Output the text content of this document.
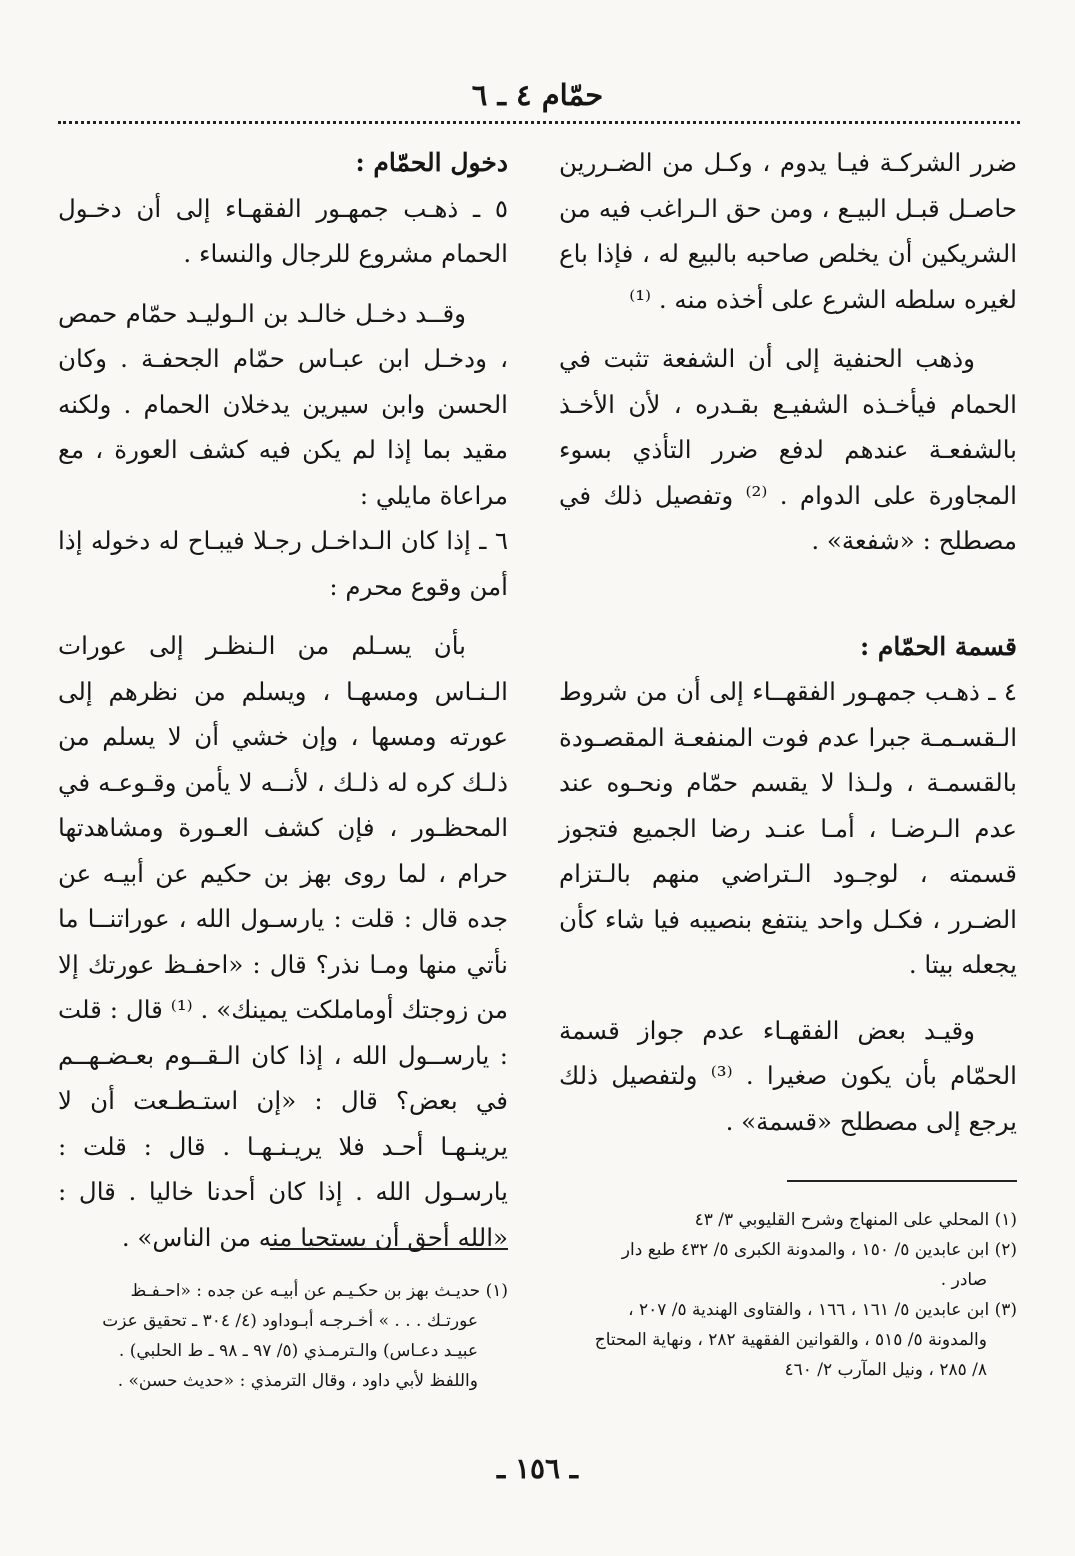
حمّام ٤ ـ ٦

ضرر الشركـة فيـا يدوم ، وكـل من الضـررين حاصـل قبـل البيـع ، ومن حق الـراغب فيه من الشريكين أن يخلص صاحبه بالبيع له ، فإذا باع لغيره سلطه الشرع على أخذه منه . ⁽¹⁾

وذهب الحنفية إلى أن الشفعة تثبت في الحمام فيأخـذه الشفيـع بقـدره ، لأن الأخـذ بالشفعـة عندهم لدفع ضرر التأذي بسوء المجاورة على الدوام . ⁽²⁾ وتفصيل ذلك في مصطلح : «شفعة» .

قسمة الحمّام :

٤ ـ ذهـب جمهـور الفقهــاء إلى أن من شروط الـقسـمـة جبرا عدم فوت المنفعـة المقصـودة بالقسمـة ، ولـذا لا يقسم حمّام ونحـوه عند عدم الـرضـا ، أمـا عنـد رضا الجميع فتجوز قسمته ، لوجـود الـتراضي منهم بالـتزام الضـرر ، فكـل واحد ينتفع بنصيبه فيا شاء كأن يجعله بيتا .

وقيـد بعض الفقهـاء عدم جواز قسمة الحمّام بأن يكون صغيرا . ⁽³⁾ ولتفصيل ذلك يرجع إلى مصطلح «قسمة» .

دخول الحمّام :

٥ ـ ذهـب جمهـور الفقهـاء إلى أن دخـول الحمام مشروع للرجال والنساء .

وقــد دخـل خالـد بن الـوليـد حمّام حمص ، ودخـل ابن عبـاس حمّام الجحفـة . وكان الحسن وابن سيرين يدخلان الحمام . ولكنه مقيد بما إذا لم يكن فيه كشف العورة ، مع مراعاة مايلي :

٦ ـ إذا كان الـداخـل رجـلا فيبـاح له دخوله إذا أمن وقوع محرم :

بأن يسـلم من الـنظـر إلى عورات الـنـاس ومسهـا ، ويسلم من نظرهم إلى عورته ومسها ، وإن خشي أن لا يسلم من ذلـك كره له ذلـك ، لأنــه لا يأمن وقـوعـه في المحظـور ، فإن كشف العـورة ومشاهدتها حرام ، لما روى بهز بن حكيم عن أبيـه عن جده قال : قلت : يارسـول الله ، عوراتنــا ما نأتي منها ومـا نذر؟ قال : «احفـظ عورتك إلا من زوجتك أوماملكت يمينك» . ⁽¹⁾ قال : قلت : يارســول الله ، إذا كان الـقــوم بعـضـهــم في بعض؟ قال : «إن استـطـعت أن لا يرينـهـا أحـد فلا يريـنـهـا . قال : قلت : يارسـول الله . إذا كان أحدنا خاليا . قال : «الله أحق أن يستحيا منه من الناس» .

(١) المحلي على المنهاج وشرح القليوبي ٣/ ٤٣

(٢) ابن عابدين ٥/ ١٥٠ ، والمدونة الكبرى ٥/ ٤٣٢ طبع دار

صادر .

(٣) ابن عابدين ٥/ ١٦١ ، ١٦٦ ، والفتاوى الهندية ٥/ ٢٠٧ ،

والمدونة ٥/ ٥١٥ ، والقوانين الفقهية ٢٨٢ ، ونهاية المحتاج

٨/ ٢٨٥ ، ونيل المآرب ٢/ ٤٦٠

(١) حديـث بهز بن حكـيـم عن أبيـه عن جده : «احـفـظ

عورتـك . . . » أخـرجـه أبـوداود (٤/ ٣٠٤ ـ تحقيق عزت

عبيـد دعـاس) والـترمـذي (٥/ ٩٧ ـ ٩٨ ـ ط الحلبي) .

واللفظ لأبي داود ، وقال الترمذي : «حديث حسن» .

ـ ١٥٦ ـ
